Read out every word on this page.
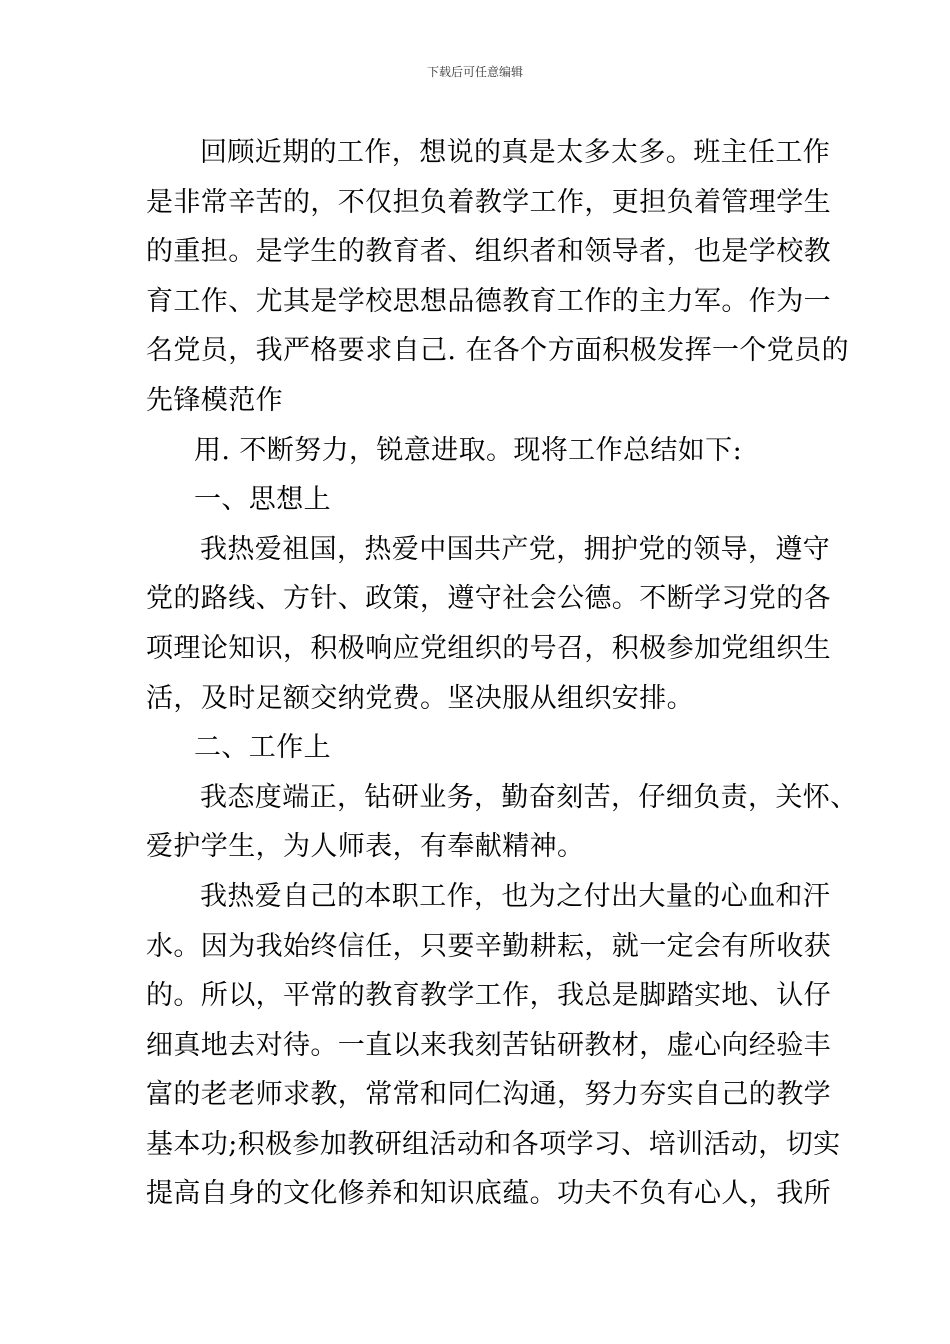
下载后可任意编辑
回顾近期的工作，想说的真是太多太多。班主任工作
是非常辛苦的，不仅担负着教学工作，更担负着管理学生
的重担。是学生的教育者、组织者和领导者，也是学校教
育工作、尤其是学校思想品德教育工作的主力军。作为一
名党员，我严格要求自己. 在各个方面积极发挥一个党员的
先锋模范作
用. 不断努力，锐意进取。现将工作总结如下:
一、思想上
我热爱祖国，热爱中国共产党，拥护党的领导，遵守
党的路线、方针、政策，遵守社会公德。不断学习党的各
项理论知识，积极响应党组织的号召，积极参加党组织生
活，及时足额交纳党费。坚决服从组织安排。
二、工作上
我态度端正，钻研业务，勤奋刻苦，仔细负责，关怀、
爱护学生，为人师表，有奉献精神。
我热爱自己的本职工作，也为之付出大量的心血和汗
水。因为我始终信任，只要辛勤耕耘，就一定会有所收获
的。所以，平常的教育教学工作，我总是脚踏实地、认仔
细真地去对待。一直以来我刻苦钻研教材，虚心向经验丰
富的老老师求教，常常和同仁沟通，努力夯实自己的教学
基本功;积极参加教研组活动和各项学习、培训活动，切实
提高自身的文化修养和知识底蕴。功夫不负有心人，我所
